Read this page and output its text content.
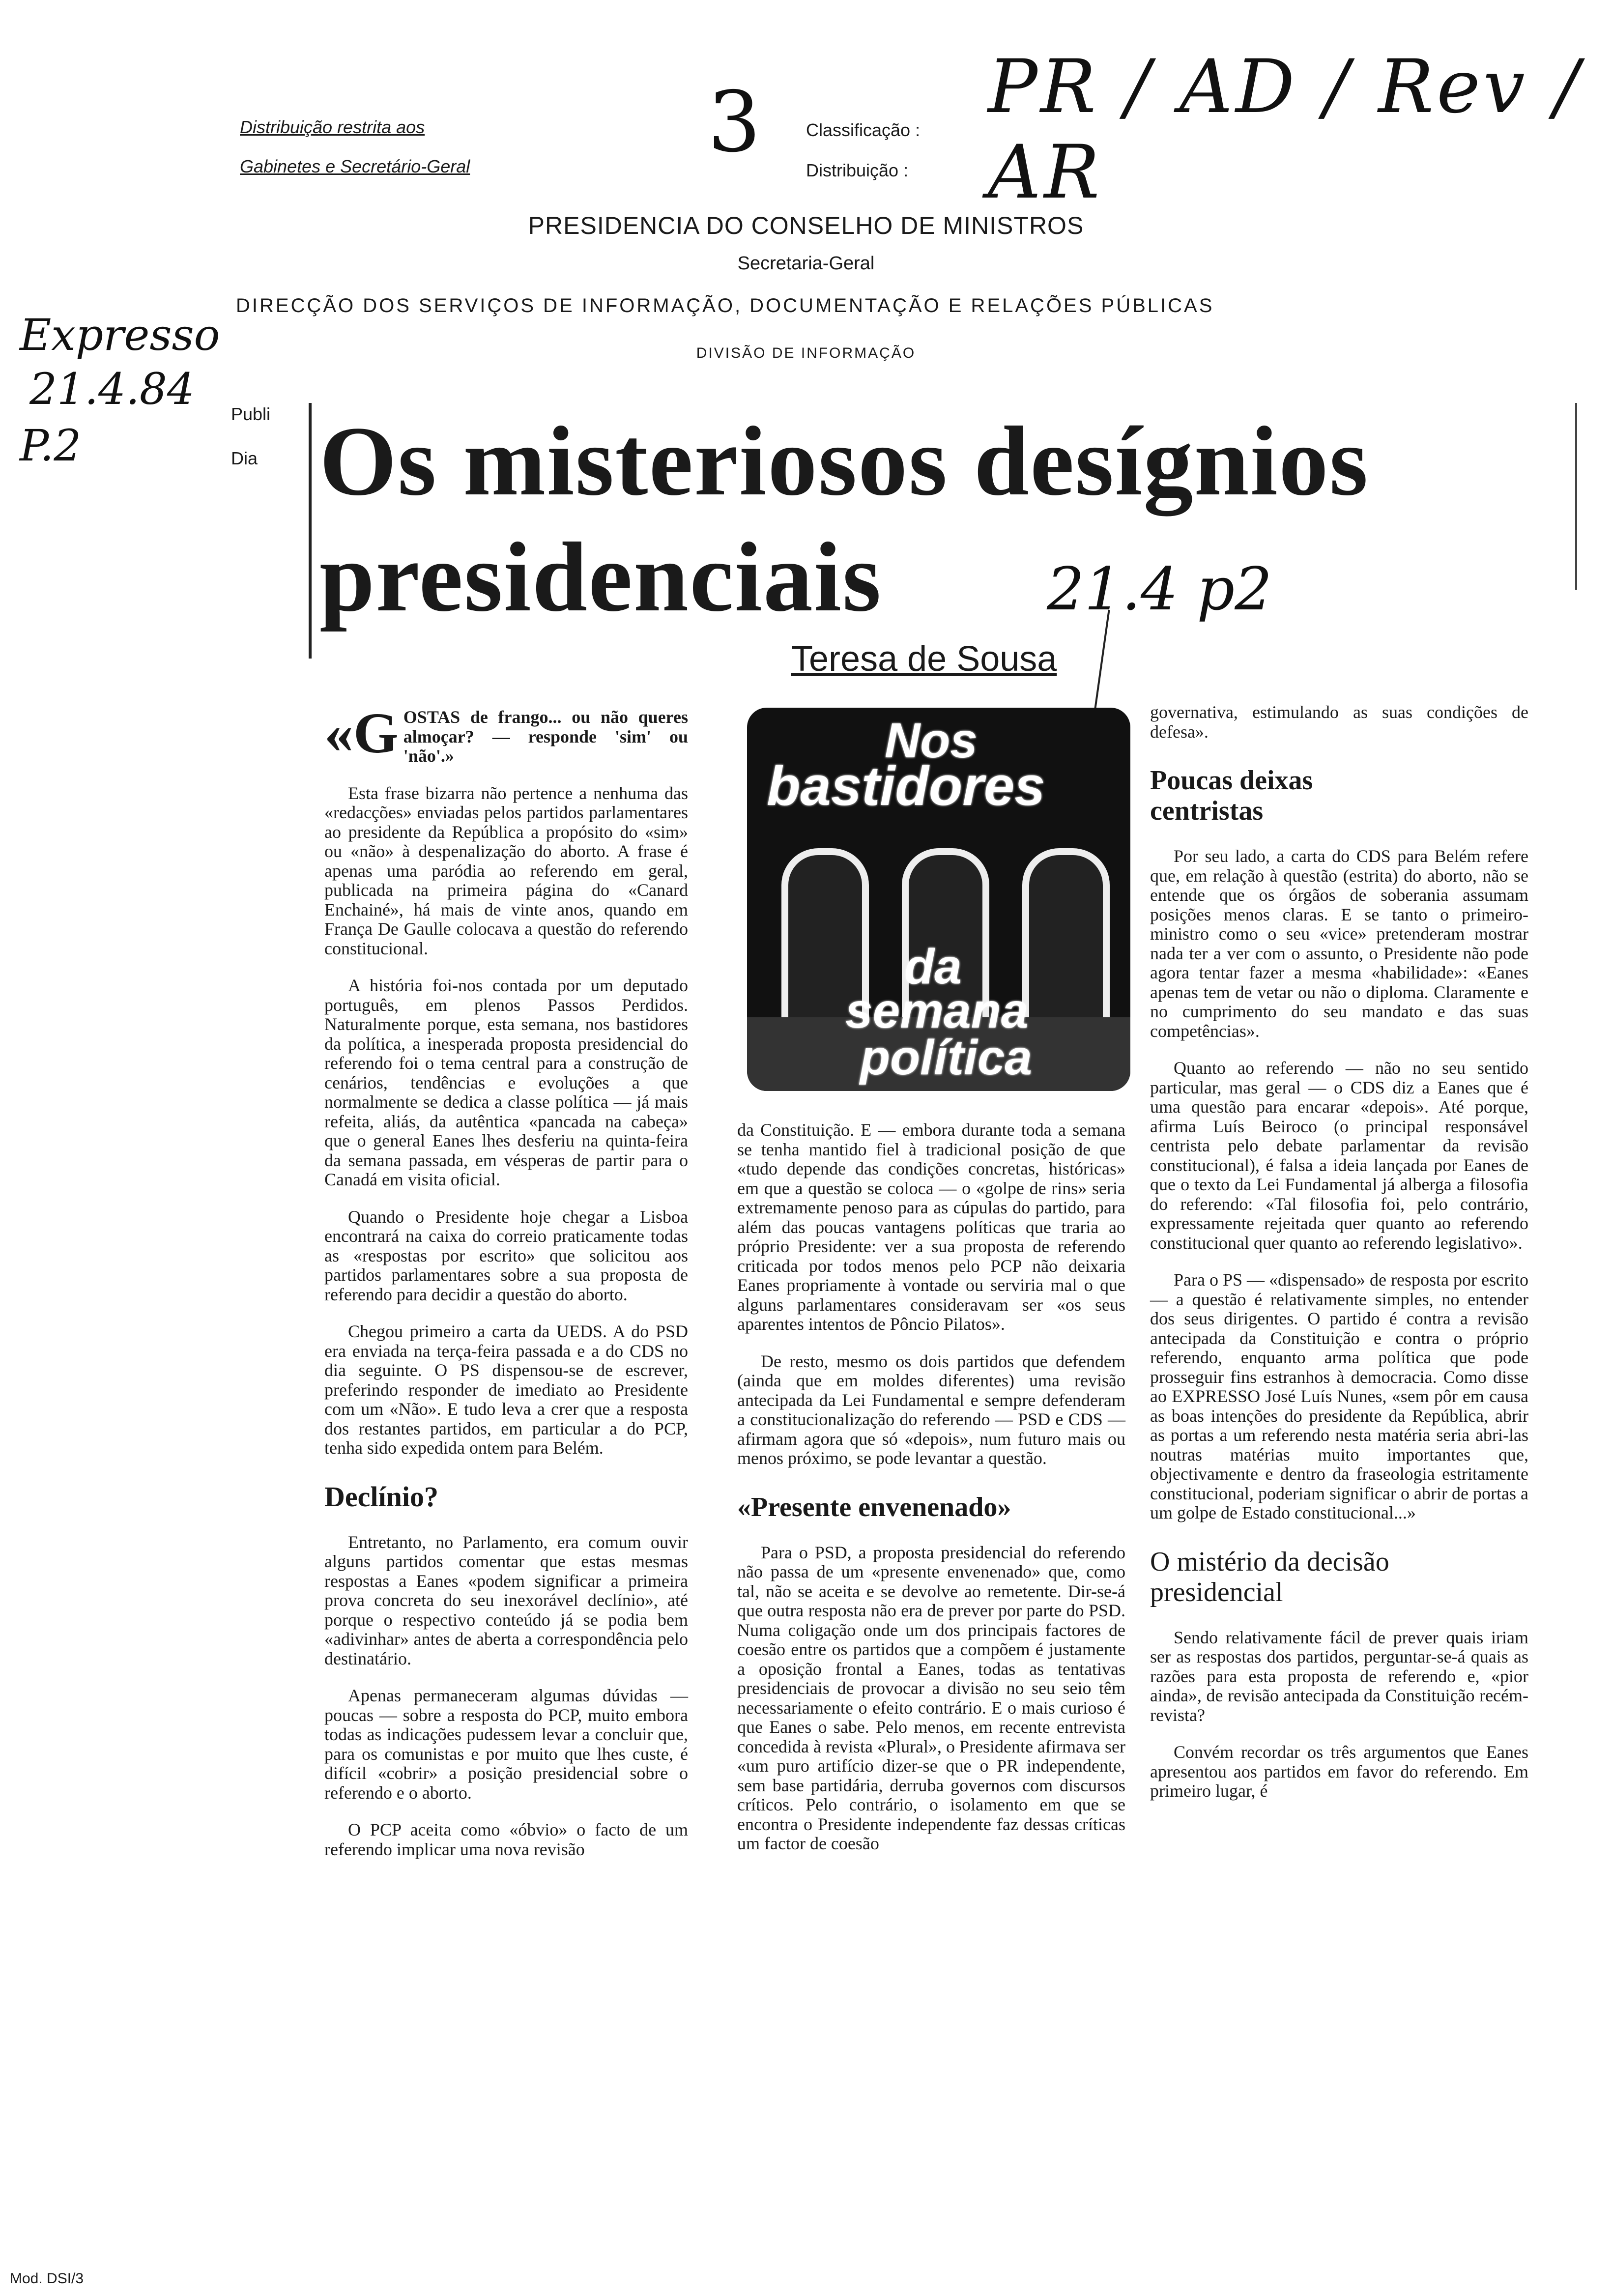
Distribuição restrita aos
Gabinetes e Secretário-Geral	3	Classificação :
Distribuição :
PR / AD / Rev / AR
PRESIDENCIA DO CONSELHO DE MINISTROS
Secretaria-Geral
DIRECÇÃO DOS SERVIÇOS DE INFORMAÇÃO, DOCUMENTAÇÃO E RELAÇÕES PÚBLICAS
DIVISÃO DE INFORMAÇÃO
Expresso
21.4.84
P.2
Publi
Dia Os misteriosos desígnios
presidenciais	21.4 p2
Teresa de Sousa
Nos
bastidores
da
semana
política

«GOSTAS de frango... ou não queres almoçar? — responde 'sim' ou 'não'.»

Esta frase bizarra não pertence a nenhuma das «redacções» enviadas pelos partidos parlamentares ao presidente da República a propósito do «sim» ou «não» à despenalização do aborto. A frase é apenas uma paródia ao referendo em geral, publicada na primeira página do «Canard Enchainé», há mais de vinte anos, quando em França De Gaulle colocava a questão do referendo constitucional.

A história foi-nos contada por um deputado português, em plenos Passos Perdidos. Naturalmente porque, esta semana, nos bastidores da política, a inesperada proposta presidencial do referendo foi o tema central para a construção de cenários, tendências e evoluções a que normalmente se dedica a classe política — já mais refeita, aliás, da autêntica «pancada na cabeça» que o general Eanes lhes desferiu na quinta-feira da semana passada, em vésperas de partir para o Canadá em visita oficial.

Quando o Presidente hoje chegar a Lisboa encontrará na caixa do correio praticamente todas as «respostas por escrito» que solicitou aos partidos parlamentares sobre a sua proposta de referendo para decidir a questão do aborto.

Chegou primeiro a carta da UEDS. A do PSD era enviada na terça-feira passada e a do CDS no dia seguinte. O PS dispensou-se de escrever, preferindo responder de imediato ao Presidente com um «Não». E tudo leva a crer que a resposta dos restantes partidos, em particular a do PCP, tenha sido expedida ontem para Belém.

Declínio?

Entretanto, no Parlamento, era comum ouvir alguns partidos comentar que estas mesmas respostas a Eanes «podem significar a primeira prova concreta do seu inexorável declínio», até porque o respectivo conteúdo já se podia bem «adivinhar» antes de aberta a correspondência pelo destinatário.

Apenas permaneceram algumas dúvidas — poucas — sobre a resposta do PCP, muito embora todas as indicações pudessem levar a concluir que, para os comunistas e por muito que lhes custe, é difícil «cobrir» a posição presidencial sobre o referendo e o aborto.

O PCP aceita como «óbvio» o facto de um referendo implicar uma nova revisão

da Constituição. E — embora durante toda a semana se tenha mantido fiel à tradicional posição de que «tudo depende das condições concretas, históricas» em que a questão se coloca — o «golpe de rins» seria extremamente penoso para as cúpulas do partido, para além das poucas vantagens políticas que traria ao próprio Presidente: ver a sua proposta de referendo criticada por todos menos pelo PCP não deixaria Eanes propriamente à vontade ou serviria mal o que alguns parlamentares consideravam ser «os seus aparentes intentos de Pôncio Pilatos».

De resto, mesmo os dois partidos que defendem (ainda que em moldes diferentes) uma revisão antecipada da Lei Fundamental e sempre defenderam a constitucionalização do referendo — PSD e CDS — afirmam agora que só «depois», num futuro mais ou menos próximo, se pode levantar a questão.

«Presente envenenado»

Para o PSD, a proposta presidencial do referendo não passa de um «presente envenenado» que, como tal, não se aceita e se devolve ao remetente. Dir-se-á que outra resposta não era de prever por parte do PSD. Numa coligação onde um dos principais factores de coesão entre os partidos que a compõem é justamente a oposição frontal a Eanes, todas as tentativas presidenciais de provocar a divisão no seu seio têm necessariamente o efeito contrário. E o mais curioso é que Eanes o sabe. Pelo menos, em recente entrevista concedida à revista «Plural», o Presidente afirmava ser «um puro artifício dizer-se que o PR independente, sem base partidária, derruba governos com discursos críticos. Pelo contrário, o isolamento em que se encontra o Presidente independente faz dessas críticas um factor de coesão

governativa, estimulando as suas condições de defesa».

Poucas deixas centristas

Por seu lado, a carta do CDS para Belém refere que, em relação à questão (estrita) do aborto, não se entende que os órgãos de soberania assumam posições menos claras. E se tanto o primeiro-ministro como o seu «vice» pretenderam mostrar nada ter a ver com o assunto, o Presidente não pode agora tentar fazer a mesma «habilidade»: «Eanes apenas tem de vetar ou não o diploma. Claramente e no cumprimento do seu mandato e das suas competências».

Quanto ao referendo — não no seu sentido particular, mas geral — o CDS diz a Eanes que é uma questão para encarar «depois». Até porque, afirma Luís Beiroco (o principal responsável centrista pelo debate parlamentar da revisão constitucional), é falsa a ideia lançada por Eanes de que o texto da Lei Fundamental já alberga a filosofia do referendo: «Tal filosofia foi, pelo contrário, expressamente rejeitada quer quanto ao referendo constitucional quer quanto ao referendo legislativo».

Para o PS — «dispensado» de resposta por escrito — a questão é relativamente simples, no entender dos seus dirigentes. O partido é contra a revisão antecipada da Constituição e contra o próprio referendo, enquanto arma política que pode prosseguir fins estranhos à democracia. Como disse ao EXPRESSO José Luís Nunes, «sem pôr em causa as boas intenções do presidente da República, abrir as portas a um referendo nesta matéria seria abri-las noutras matérias muito importantes que, objectivamente e dentro da fraseologia estritamente constitucional, poderiam significar o abrir de portas a um golpe de Estado constitucional...»

O mistério da decisão presidencial

Sendo relativamente fácil de prever quais iriam ser as respostas dos partidos, perguntar-se-á quais as razões para esta proposta de referendo e, «pior ainda», de revisão antecipada da Constituição recém-revista?

Convém recordar os três argumentos que Eanes apresentou aos partidos em favor do referendo. Em primeiro lugar, é

Mod. DSI/3
